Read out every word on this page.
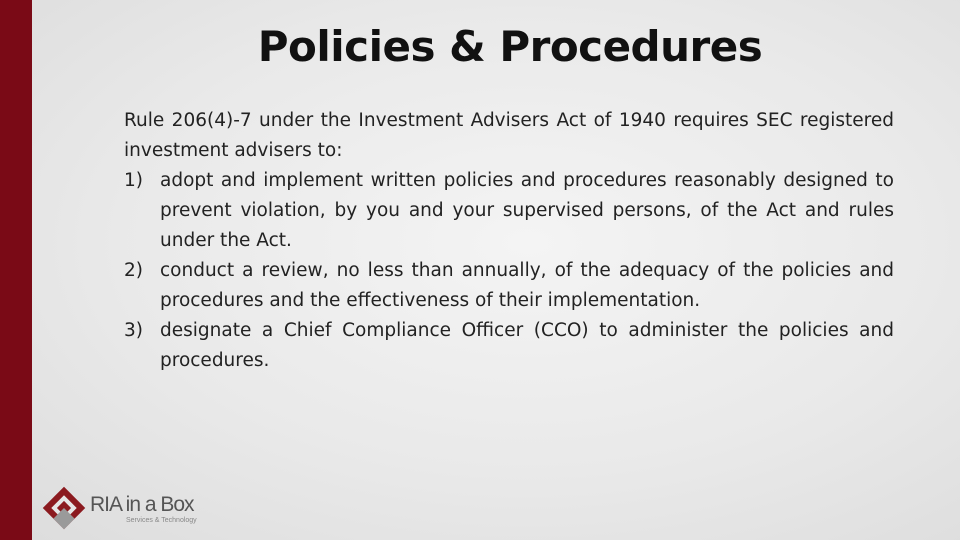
Policies & Procedures

Rule 206(4)-7 under the Investment Advisers Act of 1940 requires SEC registered investment advisers to:

1) adopt and implement written policies and procedures reasonably designed to prevent violation, by you and your supervised persons, of the Act and rules under the Act.
2) conduct a review, no less than annually, of the adequacy of the policies and procedures and the effectiveness of their implementation.
3) designate a Chief Compliance Officer (CCO) to administer the policies and procedures.
RIA in a Box
Services & Technology
